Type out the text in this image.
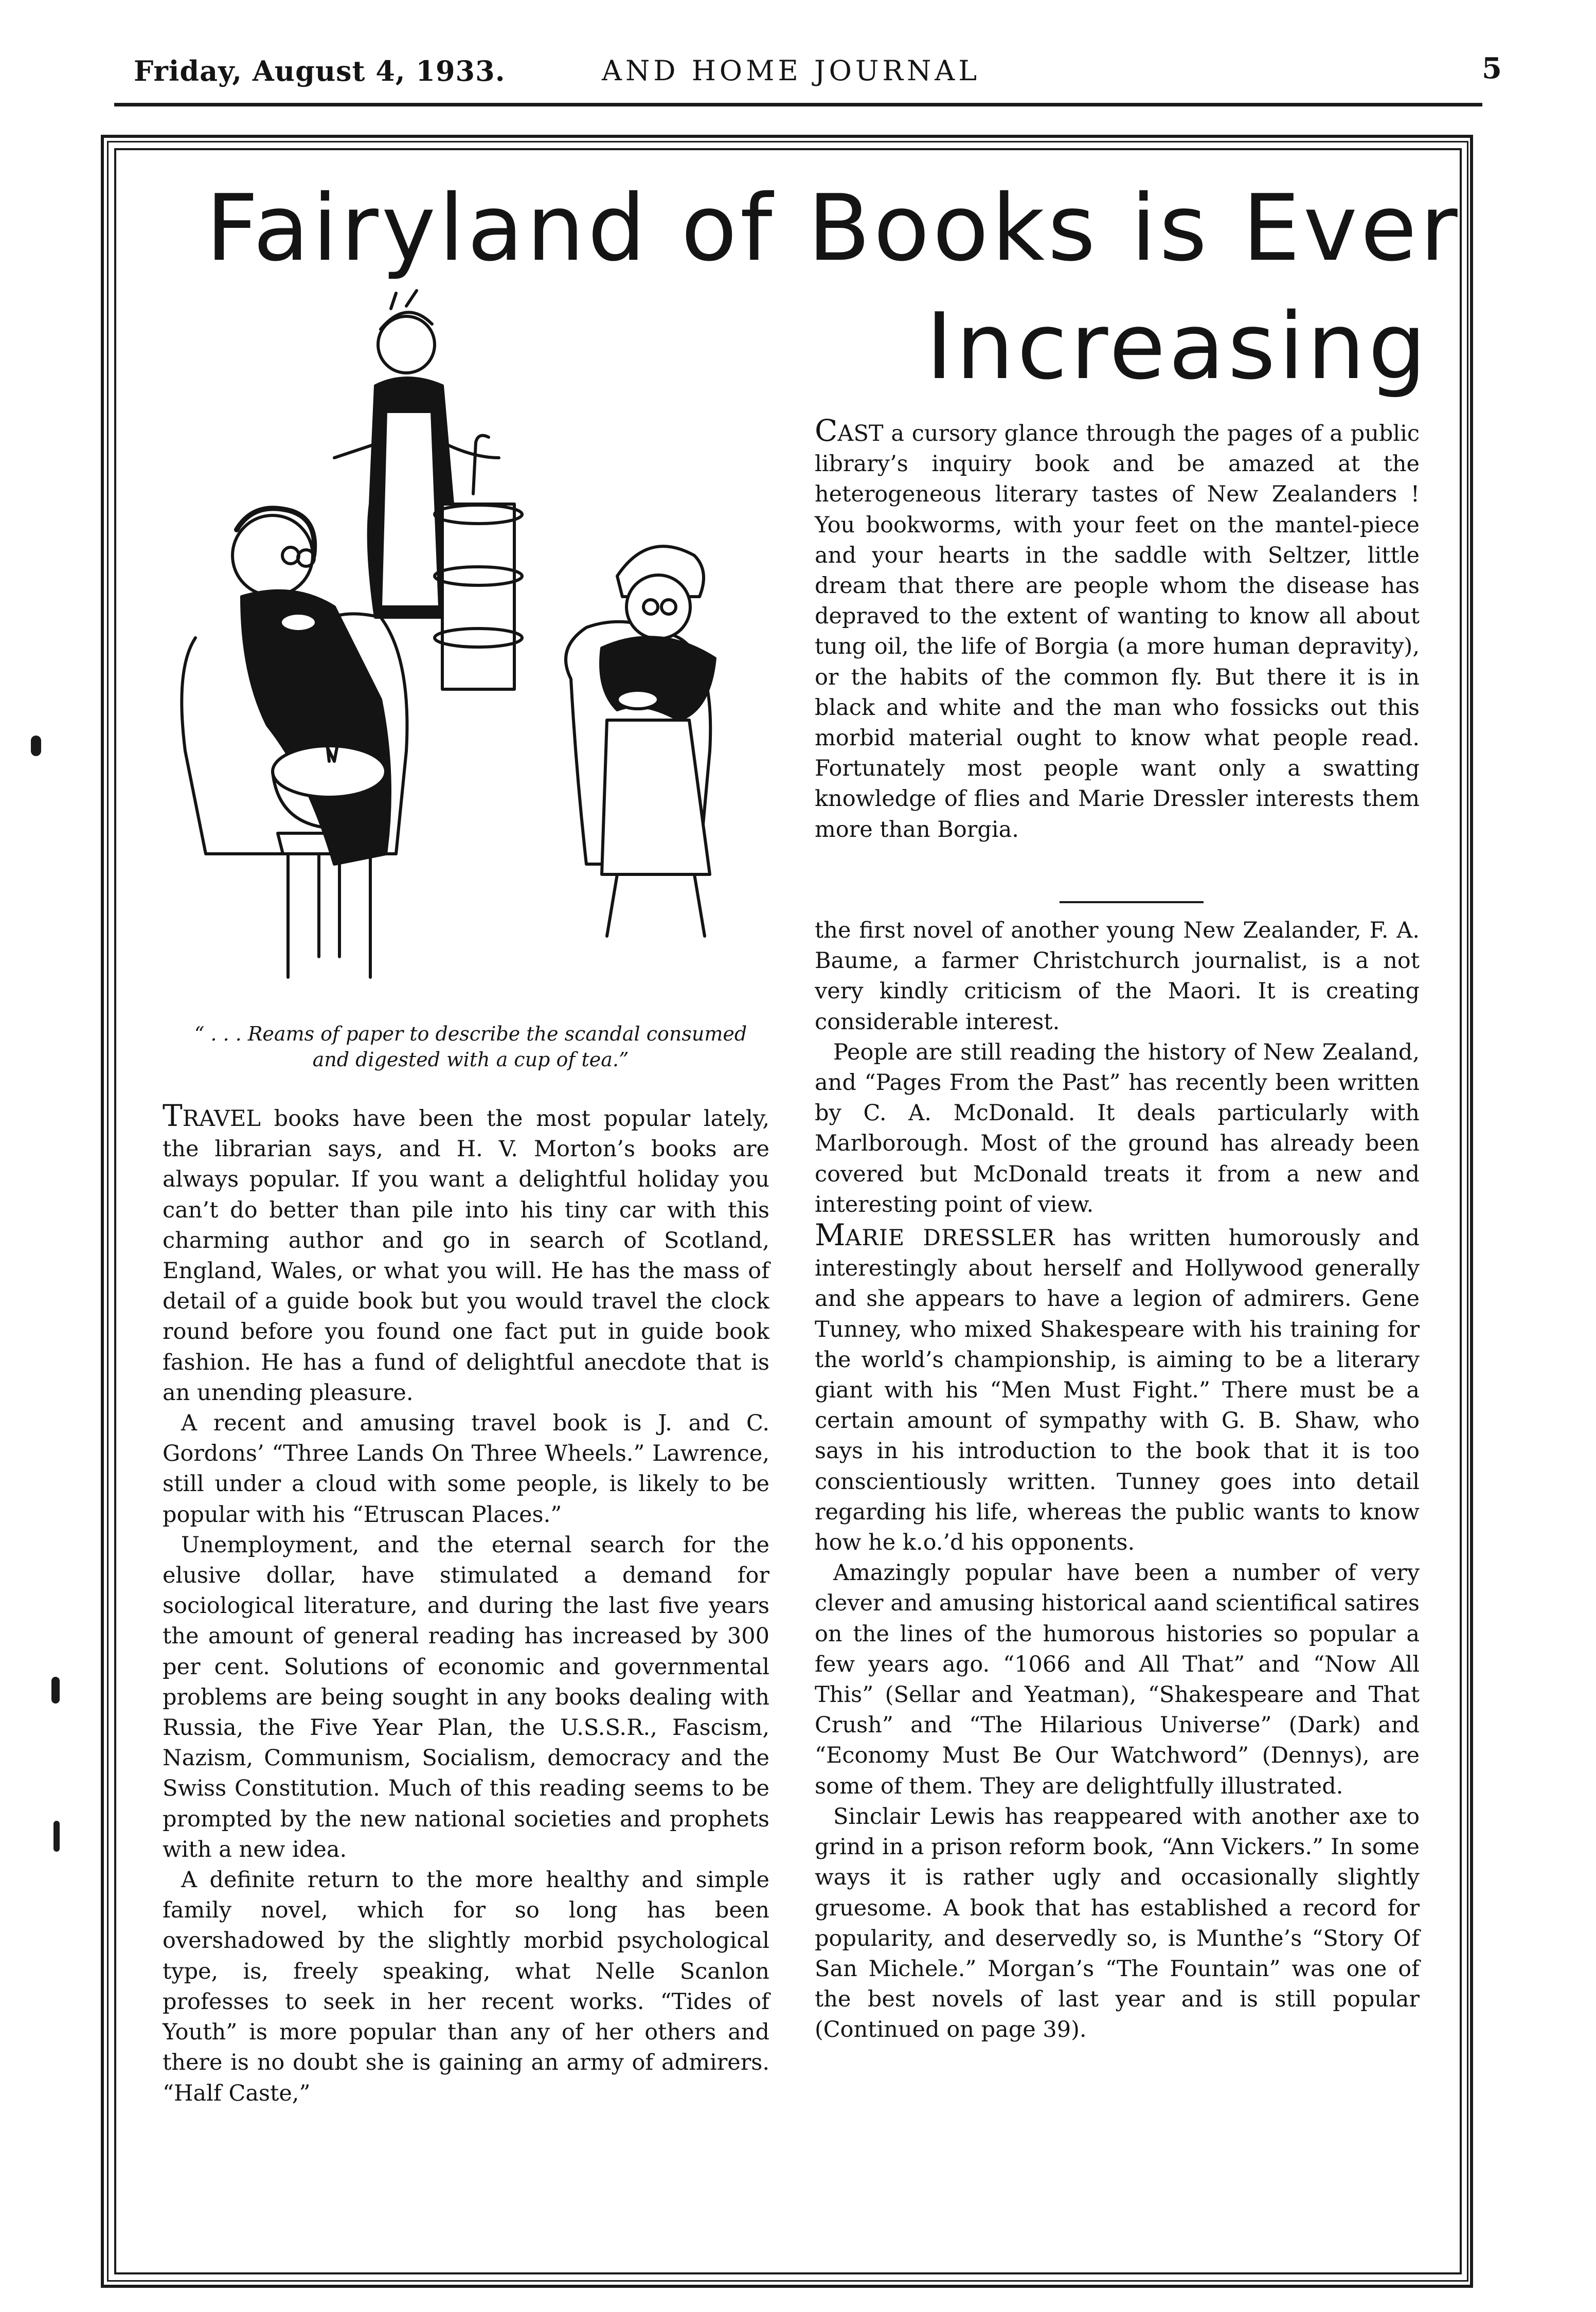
Friday, August 4, 1933.	AND HOME JOURNAL	5
Fairyland of Books is Ever
Increasing
“ . . . Reams of paper to describe the scandal consumed and digested with a cup of tea.”

CAST a cursory glance through the pages of a public library’s inquiry book and be amazed at the heterogeneous literary tastes of New Zealanders ! You bookworms, with your feet on the mantel-piece and your hearts in the saddle with Seltzer, little dream that there are people whom the disease has depraved to the extent of wanting to know all about tung oil, the life of Borgia (a more human depravity), or the habits of the common fly. But there it is in black and white and the man who fossicks out this morbid material ought to know what people read. Fortunately most people want only a swatting knowledge of flies and Marie Dressler interests them more than Borgia.

TRAVEL books have been the most popular lately, the librarian says, and H. V. Morton’s books are always popular. If you want a delightful holiday you can’t do better than pile into his tiny car with this charming author and go in search of Scotland, England, Wales, or what you will. He has the mass of detail of a guide book but you would travel the clock round before you found one fact put in guide book fashion. He has a fund of delightful anecdote that is an unending pleasure.

A recent and amusing travel book is J. and C. Gordons’ “Three Lands On Three Wheels.” Lawrence, still under a cloud with some people, is likely to be popular with his “Etruscan Places.”

Unemployment, and the eternal search for the elusive dollar, have stimulated a demand for sociological literature, and during the last five years the amount of general reading has increased by 300 per cent. Solutions of economic and governmental problems are being sought in any books dealing with Russia, the Five Year Plan, the U.S.S.R., Fascism, Nazism, Communism, Socialism, democracy and the Swiss Constitution. Much of this reading seems to be prompted by the new national societies and prophets with a new idea.

A definite return to the more healthy and simple family novel, which for so long has been overshadowed by the slightly morbid psychological type, is, freely speaking, what Nelle Scanlon professes to seek in her recent works. “Tides of Youth” is more popular than any of her others and there is no doubt she is gaining an army of admirers. “Half Caste,”

the first novel of another young New Zealander, F. A. Baume, a farmer Christchurch journalist, is a not very kindly criticism of the Maori. It is creating considerable interest.

People are still reading the history of New Zealand, and “Pages From the Past” has recently been written by C. A. McDonald. It deals particularly with Marlborough. Most of the ground has already been covered but McDonald treats it from a new and interesting point of view.

MARIE DRESSLER has written humorously and interestingly about herself and Hollywood generally and she appears to have a legion of admirers. Gene Tunney, who mixed Shakespeare with his training for the world’s championship, is aiming to be a literary giant with his “Men Must Fight.” There must be a certain amount of sympathy with G. B. Shaw, who says in his introduction to the book that it is too conscientiously written. Tunney goes into detail regarding his life, whereas the public wants to know how he k.o.’d his opponents.

Amazingly popular have been a number of very clever and amusing historical aand scientifical satires on the lines of the humorous histories so popular a few years ago. “1066 and All That” and “Now All This” (Sellar and Yeatman), “Shakespeare and That Crush” and “The Hilarious Universe” (Dark) and “Economy Must Be Our Watchword” (Dennys), are some of them. They are delightfully illustrated.

Sinclair Lewis has reappeared with another axe to grind in a prison reform book, “Ann Vickers.” In some ways it is rather ugly and occasionally slightly gruesome. A book that has established a record for popularity, and deservedly so, is Munthe’s “Story Of San Michele.” Morgan’s “The Fountain” was one of the best novels of last year and is still popular (Continued on page 39).
